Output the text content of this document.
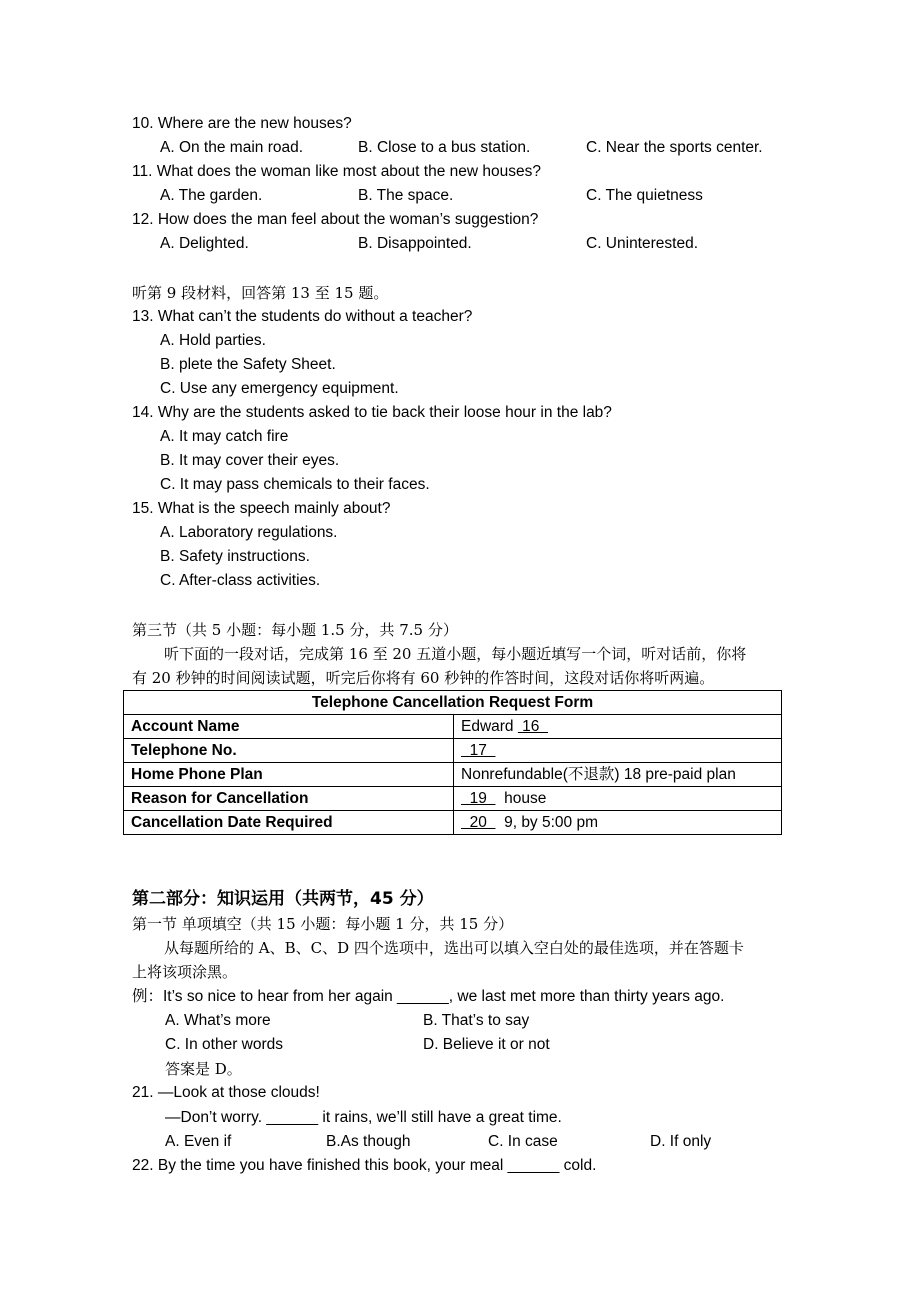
10. Where are the new houses?
A. On the main road.	B. Close to a bus station.	C. Near the sports center.
11. What does the woman like most about the new houses?
A. The garden.	B. The space.	C. The quietness
12. How does the man feel about the woman’s suggestion?
A. Delighted.	B. Disappointed.	C. Uninterested.
听第 9 段材料，回答第 13 至 15 题。
13. What can’t the students do without a teacher?
A. Hold parties.
B. plete the Safety Sheet.
C. Use any emergency equipment.
14. Why are the students asked to tie back their loose hour in the lab?
A. It may catch fire
B. It may cover their eyes.
C. It may pass chemicals to their faces.
15. What is the speech mainly about?
A. Laboratory regulations.
B. Safety instructions.
C. After-class activities.
第三节（共 5 小题：每小题 1.5 分，共 7.5 分）
听下面的一段对话，完成第 16 至 20 五道小题，每小题近填写一个词，听对话前，你将
有 20 秒钟的时间阅读试题，听完后你将有 60 秒钟的作答时间，这段对话你将听两遍。
Telephone Cancellation Request Form	
Account Name	Edward  16
Telephone No.	17
Home Phone Plan	Nonrefundable(不退款) 18 pre-paid plan
Reason for Cancellation	19    house
Cancellation Date Required	20    9, by 5:00 pm
第二部分：知识运用（共两节，45 分）
第一节 单项填空（共 15 小题：每小题 1 分，共 15 分）
从每题所给的 A、B、C、D 四个选项中，选出可以填入空白处的最佳选项，并在答题卡
上将该项涂黑。
例：It’s so nice to hear from her again ______, we last met more than thirty years ago.
A. What’s more	B. That’s to say
C. In other words	D. Believe it or not
答案是 D。
21. —Look at those clouds!
—Don’t worry. ______ it rains, we’ll still have a great time.
A. Even if	B.As though	C. In case	D. If only
22. By the time you have finished this book, your meal ______ cold.
